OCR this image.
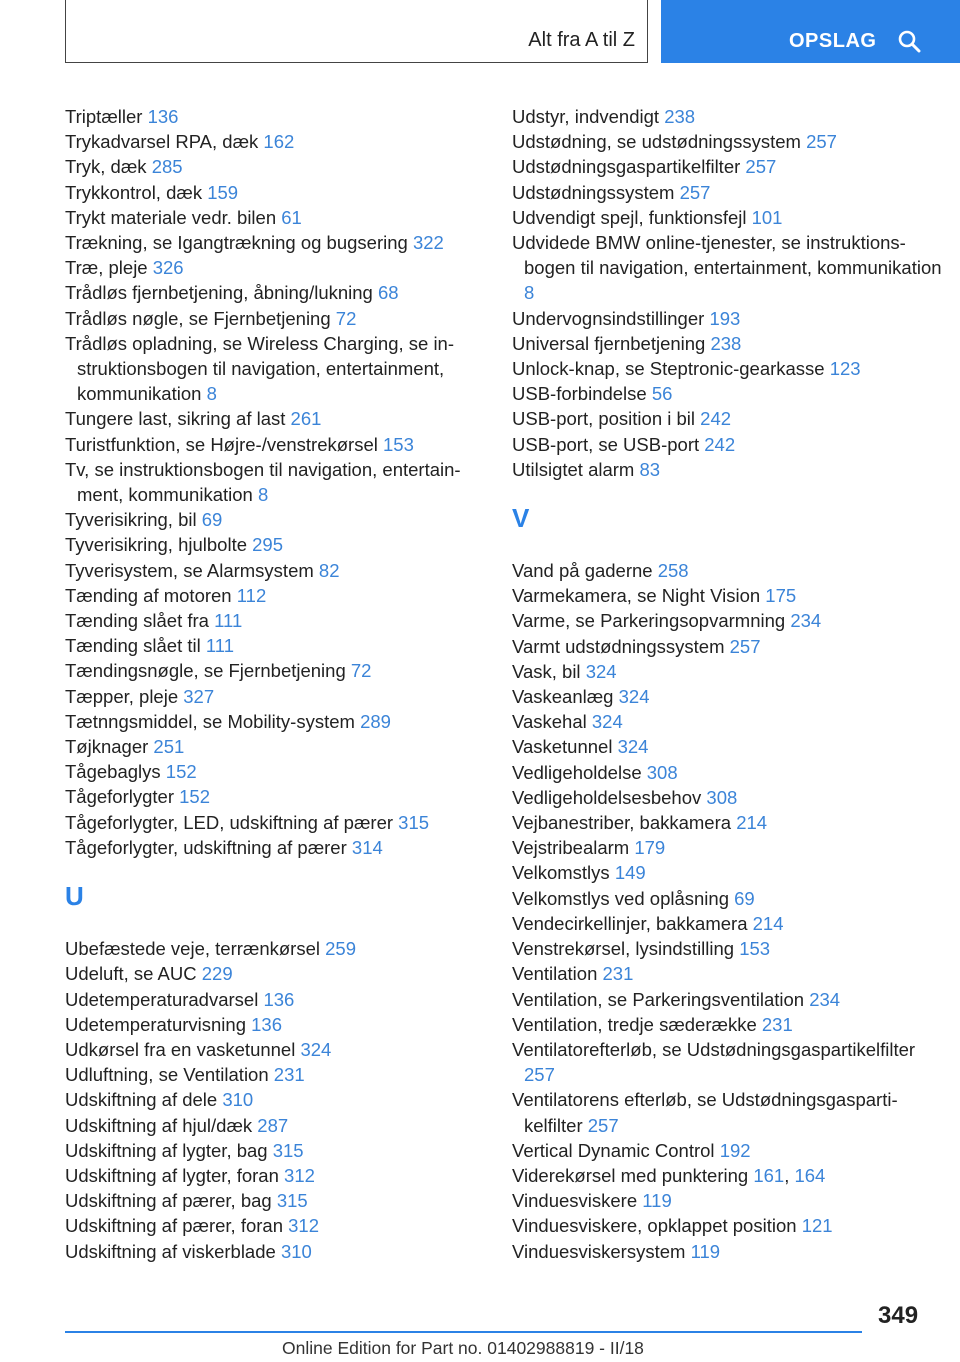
Alt fra A til Z	OPSLAG
Triptæller 136
Trykadvarsel RPA, dæk 162
Tryk, dæk 285
Trykkontrol, dæk 159
Trykt materiale vedr. bilen 61
Trækning, se Igangtrækning og bugsering 322
Træ, pleje 326
Trådløs fjernbetjening, åbning/lukning 68
Trådløs nøgle, se Fjernbetjening 72
Trådløs opladning, se Wireless Charging, se instruktionsbogen til navigation, entertainment, kommunikation 8
Tungere last, sikring af last 261
Turistfunktion, se Højre-/venstrekørsel 153
Tv, se instruktionsbogen til navigation, entertainment, kommunikation 8
Tyverisikring, bil 69
Tyverisikring, hjulbolte 295
Tyverisystem, se Alarmsystem 82
Tænding af motoren 112
Tænding slået fra 111
Tænding slået til 111
Tændingsnøgle, se Fjernbetjening 72
Tæpper, pleje 327
Tætnngsmiddel, se Mobility-system 289
Tøjknager 251
Tågebaglys 152
Tågeforlygter 152
Tågeforlygter, LED, udskiftning af pærer 315
Tågeforlygter, udskiftning af pærer 314
U
Ubefæstede veje, terrænkørsel 259
Udeluft, se AUC 229
Udetemperaturadvarsel 136
Udetemperaturvisning 136
Udkørsel fra en vasketunnel 324
Udluftning, se Ventilation 231
Udskiftning af dele 310
Udskiftning af hjul/dæk 287
Udskiftning af lygter, bag 315
Udskiftning af lygter, foran 312
Udskiftning af pærer, bag 315
Udskiftning af pærer, foran 312
Udskiftning af viskerblade 310
Udstyr, indvendigt 238
Udstødning, se udstødningssystem 257
Udstødningsgaspartikelfilter 257
Udstødningssystem 257
Udvendigt spejl, funktionsfejl 101
Udvidede BMW online-tjenester, se instruktionsbogen til navigation, entertainment, kommunikation 8
Undervognsindstillinger 193
Universal fjernbetjening 238
Unlock-knap, se Steptronic-gearkasse 123
USB-forbindelse 56
USB-port, position i bil 242
USB-port, se USB-port 242
Utilsigtet alarm 83
V
Vand på gaderne 258
Varmekamera, se Night Vision 175
Varme, se Parkeringsopvarmning 234
Varmt udstødningssystem 257
Vask, bil 324
Vaskeanlæg 324
Vaskehal 324
Vasketunnel 324
Vedligeholdelse 308
Vedligeholdelsesbehov 308
Vejbanestriber, bakkamera 214
Vejstribealarm 179
Velkomstlys 149
Velkomstlys ved oplåsning 69
Vendecirkellinjer, bakkamera 214
Venstrekørsel, lysindstilling 153
Ventilation 231
Ventilation, se Parkeringsventilation 234
Ventilation, tredje sæderække 231
Ventilatorefterløb, se Udstødningsgaspartikelfilter 257
Ventilatorens efterløb, se Udstødningsgaspartikelfilter 257
Vertical Dynamic Control 192
Viderekørsel med punktering 161, 164
Vinduesviskere 119
Vinduesviskere, opklappet position 121
Vinduesviskersystem 119
349
Online Edition for Part no. 01402988819 - II/18
